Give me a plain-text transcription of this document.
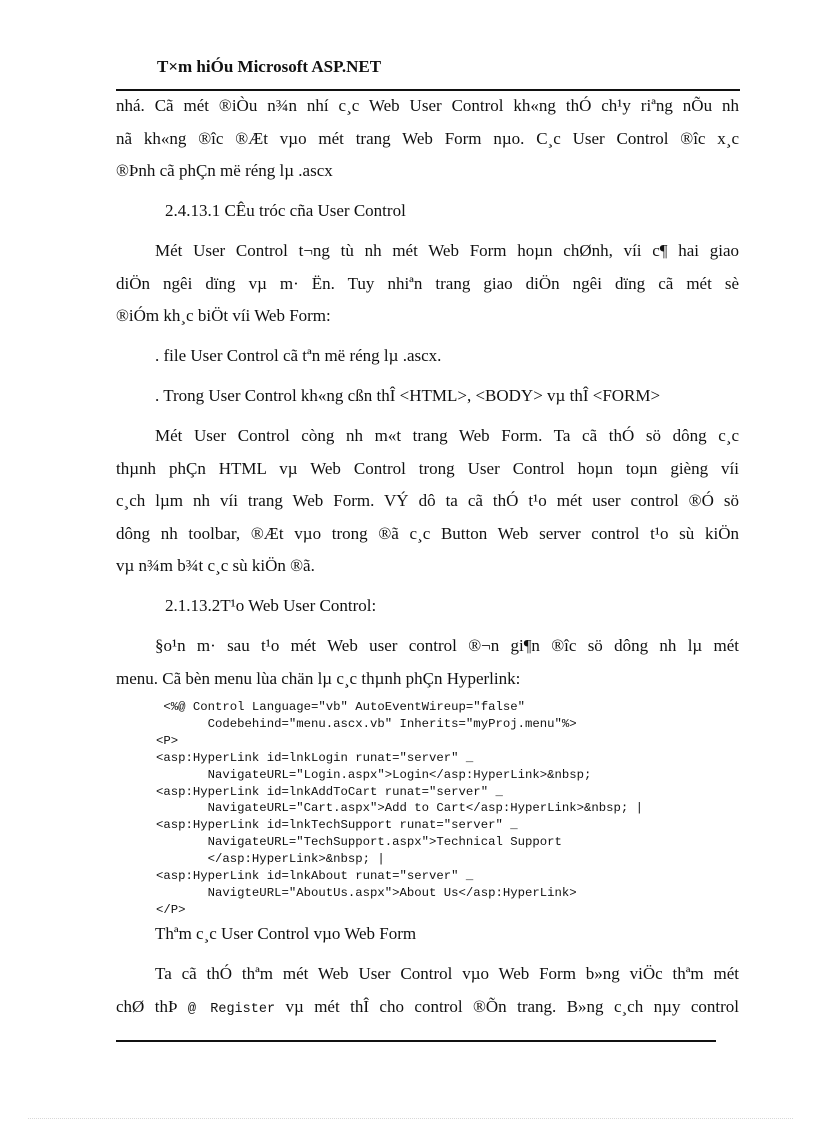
T×m hiÓu Microsoft ASP.NET
nhá. Cã mét ®iÒu n¾n nhí c¸c Web User Control kh«ng thÓ ch¹y riªng nÕu nh
nã kh«ng ®îc ®Æt vµo mét trang Web Form nµo. C¸c User Control ®îc x¸c
®Þnh cã phÇn më réng lµ .ascx
2.4.13.1 CÊu tróc cña User Control
Mét User Control t¬ng tù nh mét Web Form hoµn chØnh, víi c¶ hai giao
diÖn ngêi dïng vµ m· Ën. Tuy nhiªn trang giao diÖn ngêi dïng cã mét sè
®iÓm kh¸c biÖt víi Web Form:
. file User Control cã tªn më réng lµ .ascx.
. Trong User Control kh«ng cßn thÎ <HTML>, <BODY> vµ thÎ <FORM>
Mét User Control còng nh m«t trang Web Form. Ta cã thÓ sö dông c¸c
thµnh phÇn HTML vµ Web Control trong User Control hoµn toµn gièng víi
c¸ch lµm nh víi trang Web Form. VÝ dô ta cã thÓ t¹o mét user control ®Ó sö
dông nh toolbar, ®Æt vµo trong ®ã c¸c Button Web server control t¹o sù kiÖn
vµ n¾m b¾t c¸c sù kiÖn ®ã.
2.1.13.2T¹o Web User Control:
§o¹n m· sau t¹o mét Web user control ®¬n gi¶n ®îc sö dông nh lµ mét
menu. Cã bèn menu lùa chän lµ c¸c thµnh phÇn Hyperlink:
<%@ Control Language="vb" AutoEventWireup="false"
Codebehind="menu.ascx.vb" Inherits="myProj.menu"%>
<P>
<asp:HyperLink id=lnkLogin runat="server" _
NavigateURL="Login.aspx">Login</asp:HyperLink>&nbsp;
<asp:HyperLink id=lnkAddToCart runat="server" _
NavigateURL="Cart.aspx">Add to Cart</asp:HyperLink>&nbsp; |
<asp:HyperLink id=lnkTechSupport runat="server" _
NavigateURL="TechSupport.aspx">Technical Support
</asp:HyperLink>&nbsp; |
<asp:HyperLink id=lnkAbout runat="server" _
NavigteURL="AboutUs.aspx">About Us</asp:HyperLink>
</P>
Thªm c¸c User Control vµo Web Form
Ta cã thÓ thªm mét Web User Control vµo Web Form b»ng viÖc thªm mét
chØ thÞ @ Register vµ mét thÎ cho control ®Õn trang. B»ng c¸ch nµy control
